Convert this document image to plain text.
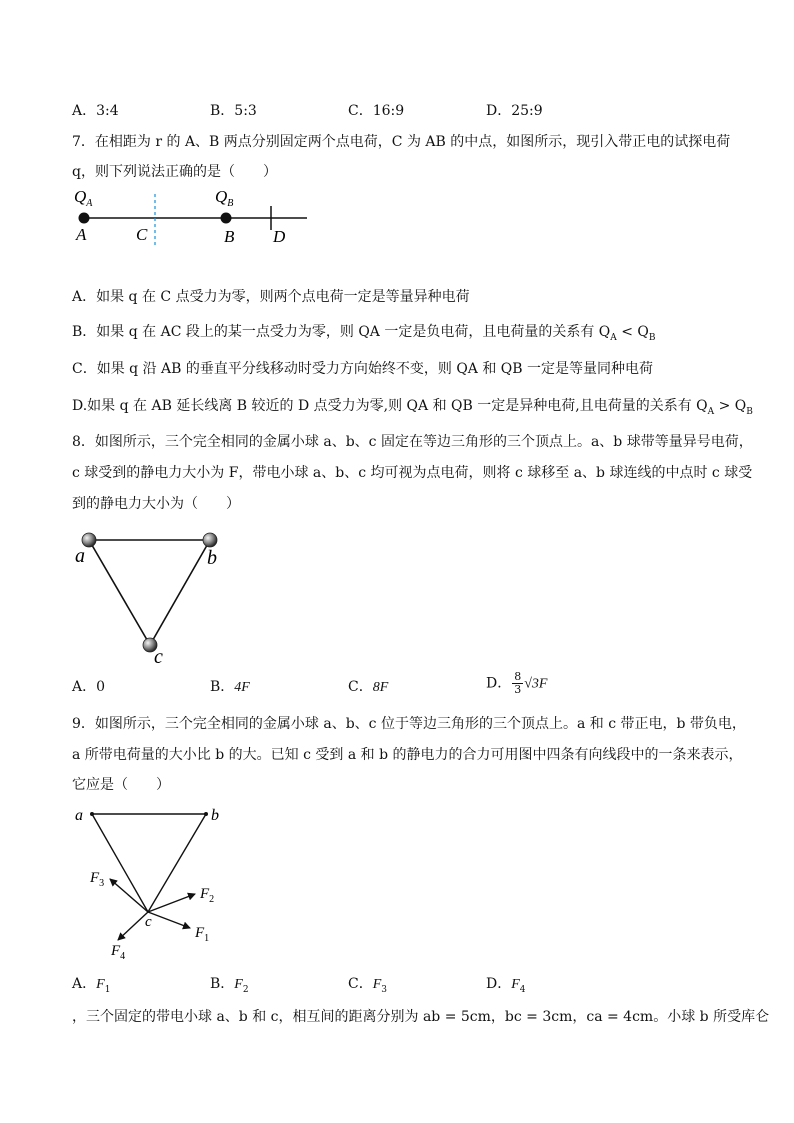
A．3:4	B．5:3	C．16:9	D．25:9
7．在相距为 r 的 A、B 两点分别固定两个点电荷，C 为 AB 的中点，如图所示，现引入带正电的试探电荷
q，则下列说法正确的是（　　）
$Q_A$	$Q_B$
A	C	B D
A．如果 q 在 C 点受力为零，则两个点电荷一定是等量异种电荷
B．如果 q 在 AC 段上的某一点受力为零，则 QA 一定是负电荷，且电荷量的关系有 $Q_A < Q_B$
C．如果 q 沿 AB 的垂直平分线移动时受力方向始终不变，则 QA 和 QB 一定是等量同种电荷
D.如果 q 在 AB 延长线离 B 较近的 D 点受力为零,则 QA 和 QB 一定是异种电荷,且电荷量的关系有 $Q_A > Q_B$
8．如图所示，三个完全相同的金属小球 a、b、c 固定在等边三角形的三个顶点上。a、b 球带等量异号电荷，
c 球受到的静电力大小为 F，带电小球 a、b、c 均可视为点电荷，则将 c 球移至 a、b 球连线的中点时 c 球受
到的静电力大小为（　　）
a	b
c
A．0	B．4F	C．8F	D． $\frac{8}{3} √3F$
9．如图所示，三个完全相同的金属小球 a、b、c 位于等边三角形的三个顶点上。a 和 c 带正电，b 带负电，
a 所带电荷量的大小比 b 的大。已知 c 受到 a 和 b 的静电力的合力可用图中四条有向线段中的一条来表示，
它应是（　　）
a	b
c
$F_1$
$F_2$
$F_3$
$F_4$
A．$F_1$	B．$F_2$	C．$F_3$	D．$F_4$
，三个固定的带电小球 a、b 和 c，相互间的距离分别为 ab = 5cm，bc = 3cm，ca = 4cm。小球 b 所受库仑
